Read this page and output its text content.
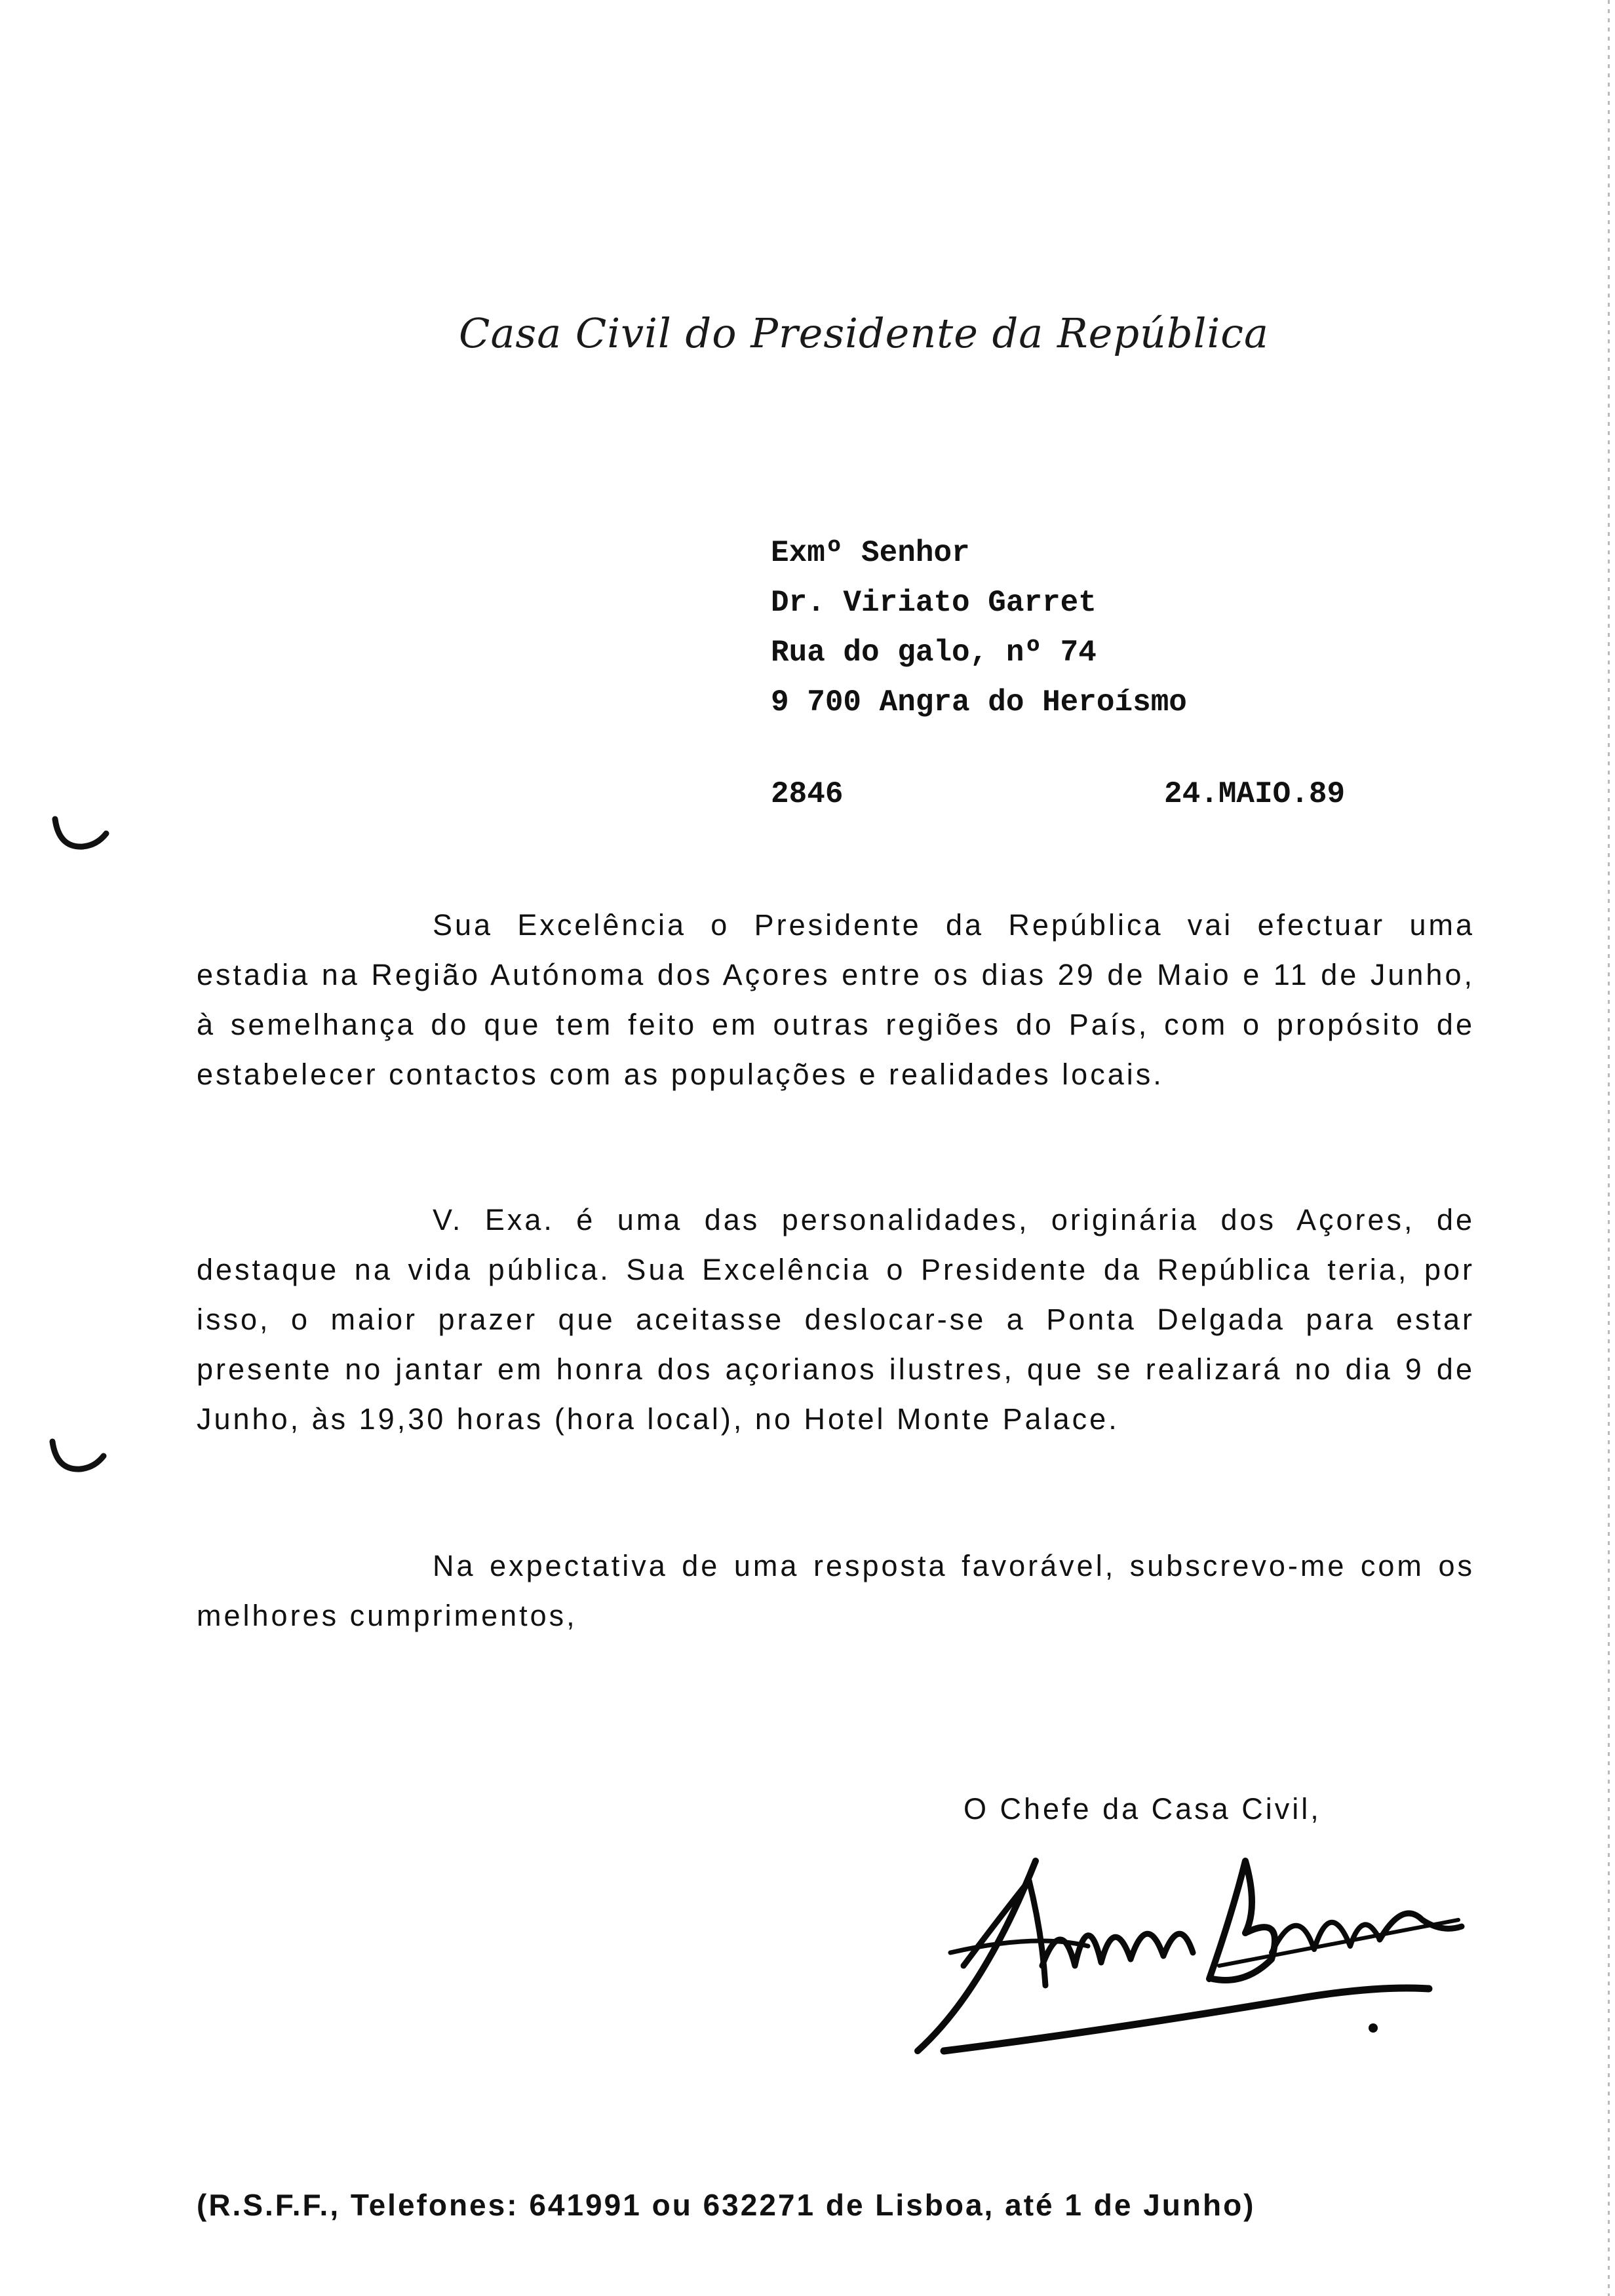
Casa Civil do Presidente da República
Exmº Senhor
Dr. Viriato Garret
Rua do galo, nº 74
9 700 Angra do Heroísmo
2846	24.MAIO.89
Sua Excelência o Presidente da República vai efectuar uma estadia na Região Autónoma dos Açores entre os dias 29 de Maio e 11 de Junho, à semelhança do que tem feito em outras regiões do País, com o propósito de estabelecer contactos com as populações e realidades locais.
V. Exa. é uma das personalidades, originária dos Açores, de destaque na vida pública. Sua Excelência o Presidente da República teria, por isso, o maior prazer que aceitasse deslocar-se a Ponta Delgada para estar presente no jantar em honra dos açorianos ilustres, que se realizará no dia 9 de Junho, às 19,30 horas (hora local), no Hotel Monte Palace.
Na expectativa de uma resposta favorável, subscrevo-me com os melhores cumprimentos,
O Chefe da Casa Civil,
(R.S.F.F., Telefones: 641991 ou 632271 de Lisboa, até 1 de Junho)
